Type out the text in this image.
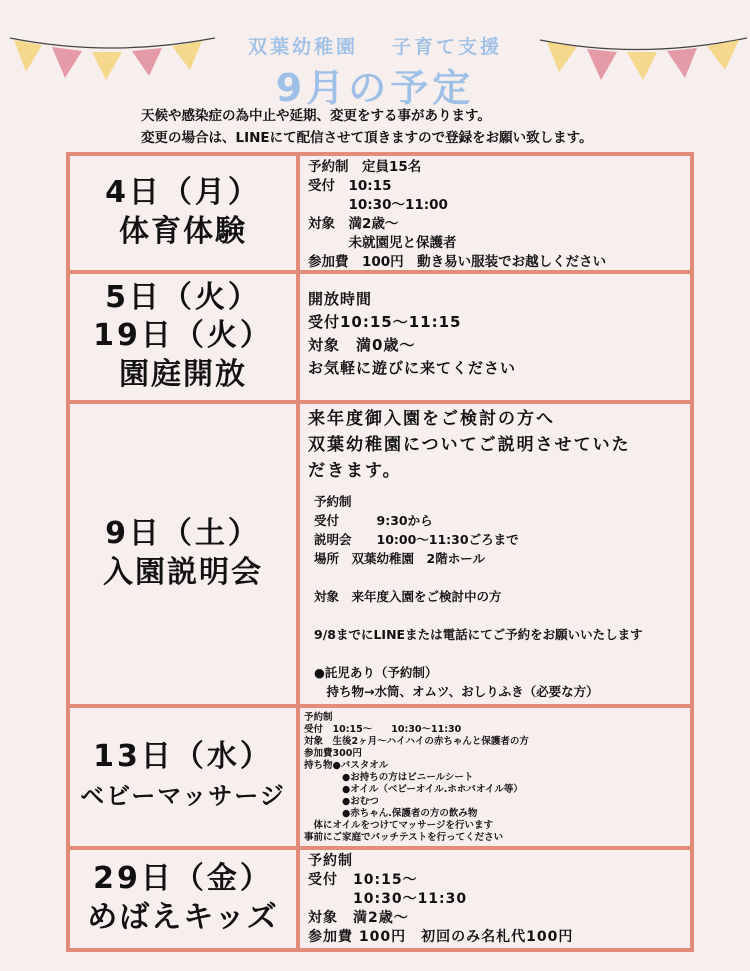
双葉幼稚園 子育て支援
9月の予定
天候や感染症の為中止や延期、変更をする事があります。
変更の場合は、LINEにて配信させて頂きますので登録をお願い致します。
4日（月）
体育体験
予約制　定員15名
受付　10:15
　　　10:30～11:00
対象　満2歳～
　　　未就園児と保護者
参加費　100円　動き易い服装でお越しください
5日（火）
19日（火）
園庭開放
開放時間
受付10:15～11:15
対象　満0歳～
お気軽に遊びに来てください
9日（土）
入園説明会
来年度御入園をご検討の方へ
双葉幼稚園についてご説明させていた
だきます。
予約制
受付　　　9:30から
説明会　　10:00～11:30ごろまで
場所　双葉幼稚園　2階ホール

対象　来年度入園をご検討中の方

9/8までにLINEまたは電話にてご予約をお願いいたします

●託児あり（予約制）
　持ち物→水筒、オムツ、おしりふき（必要な方）
13日（水）
ベビーマッサージ
予約制
受付　10:15～　　10:30～11:30
対象　生後2ヶ月～ハイハイの赤ちゃんと保護者の方
参加費300円
持ち物●バスタオル
　　　　●お持ちの方はビニールシート
　　　　●オイル（ベビーオイル.ホホバオイル等）
　　　　●おむつ
　　　　●赤ちゃん.保護者の方の飲み物
　体にオイルをつけてマッサージを行います
事前にご家庭でパッチテストを行ってください
29日（金）
めばえキッズ
予約制
受付　10:15～
　　　10:30～11:30
対象　満2歳～
参加費 100円　初回のみ名札代100円
